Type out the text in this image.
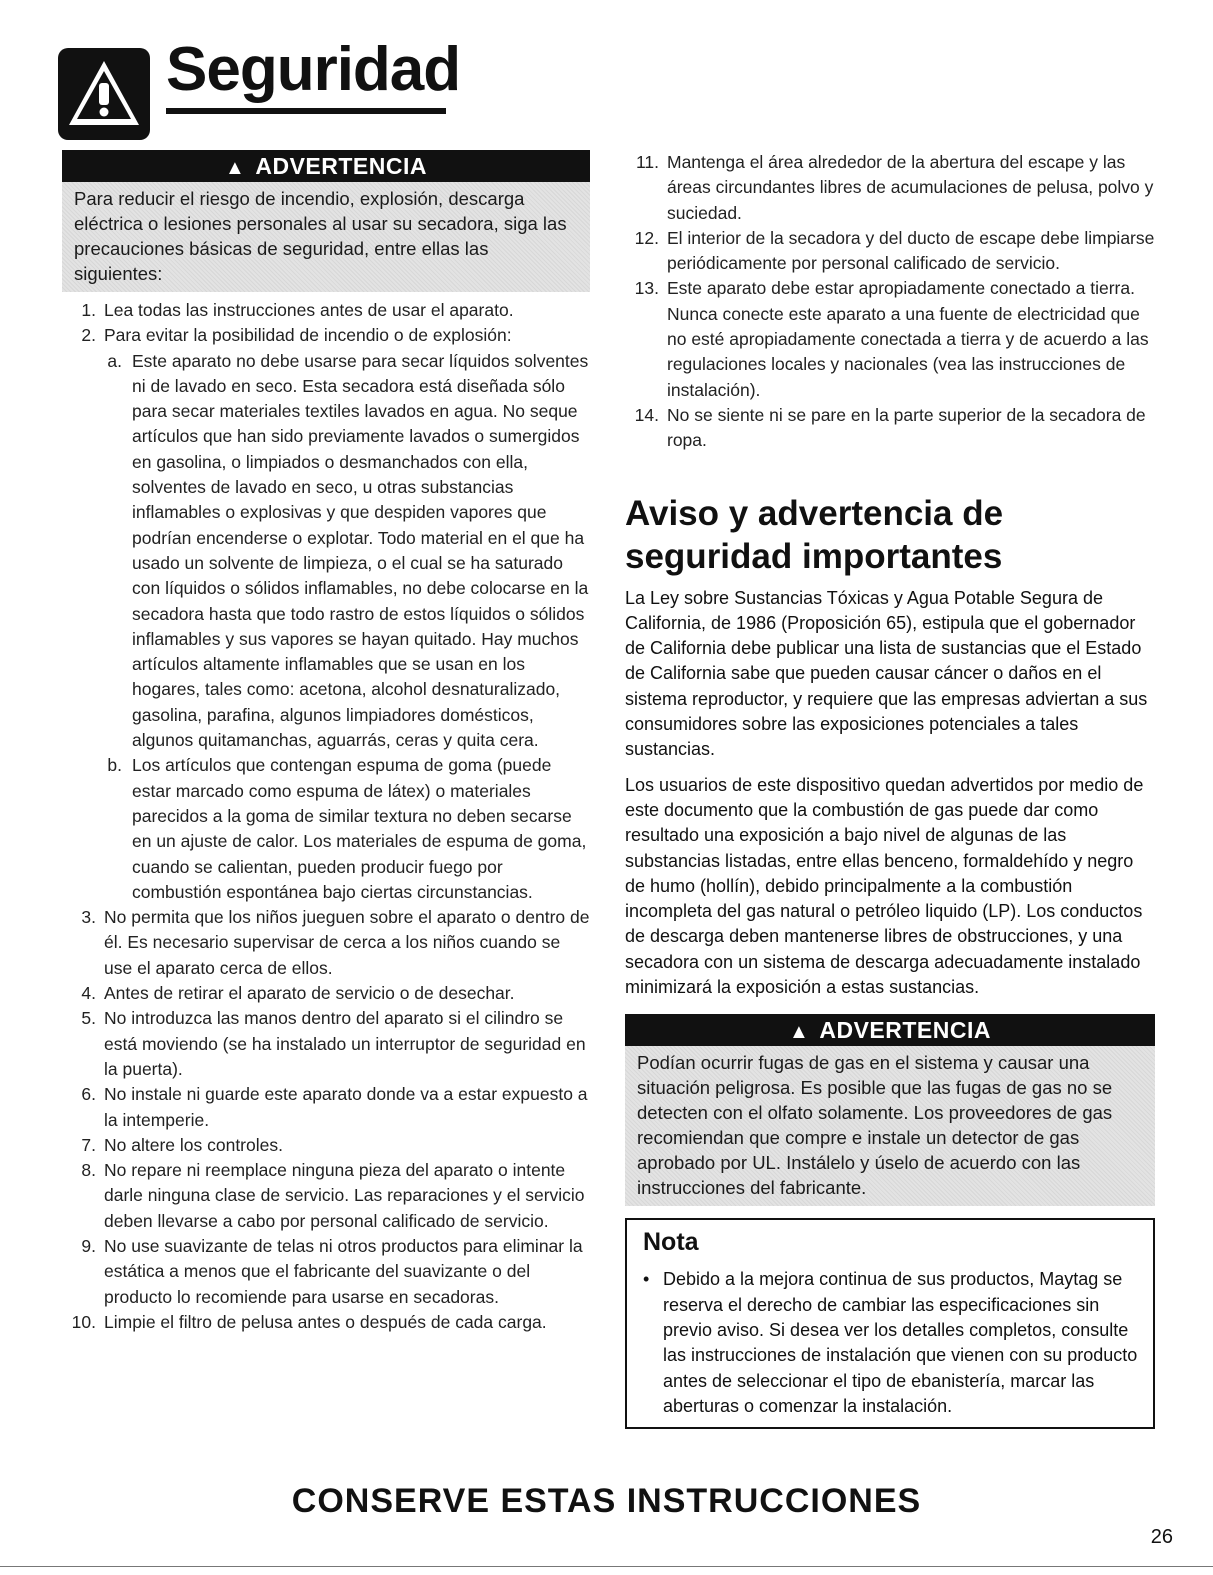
Seguridad
▲ ADVERTENCIA
Para reducir el riesgo de incendio, explosión, descarga eléctrica o lesiones personales al usar su secadora, siga las precauciones básicas de seguridad, entre ellas las siguientes:
1. Lea todas las instrucciones antes de usar el aparato.
2. Para evitar la posibilidad de incendio o de explosión:
a. Este aparato no debe usarse para secar líquidos solventes ni de lavado en seco. Esta secadora está diseñada sólo para secar materiales textiles lavados en agua. No seque artículos que han sido previamente lavados o sumergidos en gasolina, o limpiados o desmanchados con ella, solventes de lavado en seco, u otras substancias inflamables o explosivas y que despiden vapores que podrían encenderse o explotar. Todo material en el que ha usado un solvente de limpieza, o el cual se ha saturado con líquidos o sólidos inflamables, no debe colocarse en la secadora hasta que todo rastro de estos líquidos o sólidos inflamables y sus vapores se hayan quitado. Hay muchos artículos altamente inflamables que se usan en los hogares, tales como: acetona, alcohol desnaturalizado, gasolina, parafina, algunos limpiadores domésticos, algunos quitamanchas, aguarrás, ceras y quita cera.
b. Los artículos que contengan espuma de goma (puede estar marcado como espuma de látex) o materiales parecidos a la goma de similar textura no deben secarse en un ajuste de calor. Los materiales de espuma de goma, cuando se calientan, pueden producir fuego por combustión espontánea bajo ciertas circunstancias.
3. No permita que los niños jueguen sobre el aparato o dentro de él. Es necesario supervisar de cerca a los niños cuando se use el aparato cerca de ellos.
4. Antes de retirar el aparato de servicio o de desechar.
5. No introduzca las manos dentro del aparato si el cilindro se está moviendo (se ha instalado un interruptor de seguridad en la puerta).
6. No instale ni guarde este aparato donde va a estar expuesto a la intemperie.
7. No altere los controles.
8. No repare ni reemplace ninguna pieza del aparato o intente darle ninguna clase de servicio. Las reparaciones y el servicio deben llevarse a cabo por personal calificado de servicio.
9. No use suavizante de telas ni otros productos para eliminar la estática a menos que el fabricante del suavizante o del producto lo recomiende para usarse en secadoras.
10. Limpie el filtro de pelusa antes o después de cada carga.
11. Mantenga el área alrededor de la abertura del escape y las áreas circundantes libres de acumulaciones de pelusa, polvo y suciedad.
12. El interior de la secadora y del ducto de escape debe limpiarse periódicamente por personal calificado de servicio.
13. Este aparato debe estar apropiadamente conectado a tierra. Nunca conecte este aparato a una fuente de electricidad que no esté apropiadamente conectada a tierra y de acuerdo a las regulaciones locales y nacionales (vea las instrucciones de instalación).
14. No se siente ni se pare en la parte superior de la secadora de ropa.
Aviso y advertencia de seguridad importantes

La Ley sobre Sustancias Tóxicas y Agua Potable Segura de California, de 1986 (Proposición 65), estipula que el gobernador de California debe publicar una lista de sustancias que el Estado de California sabe que pueden causar cáncer o daños en el sistema reproductor, y requiere que las empresas adviertan a sus consumidores sobre las exposiciones potenciales a tales sustancias.

Los usuarios de este dispositivo quedan advertidos por medio de este documento que la combustión de gas puede dar como resultado una exposición a bajo nivel de algunas de las substancias listadas, entre ellas benceno, formaldehído y negro de humo (hollín), debido principalmente a la combustión incompleta del gas natural o petróleo liquido (LP). Los conductos de descarga deben mantenerse libres de obstrucciones, y una secadora con un sistema de descarga adecuadamente instalado minimizará la exposición a estas sustancias.

▲ ADVERTENCIA
Podían ocurrir fugas de gas en el sistema y causar una situación peligrosa. Es posible que las fugas de gas no se detecten con el olfato solamente. Los proveedores de gas recomiendan que compre e instale un detector de gas aprobado por UL. Instálelo y úselo de acuerdo con las instrucciones del fabricante.
Nota
• Debido a la mejora continua de sus productos, Maytag se reserva el derecho de cambiar las especificaciones sin previo aviso. Si desea ver los detalles completos, consulte las instrucciones de instalación que vienen con su producto antes de seleccionar el tipo de ebanistería, marcar las aberturas o comenzar la instalación.
CONSERVE ESTAS INSTRUCCIONES
26
